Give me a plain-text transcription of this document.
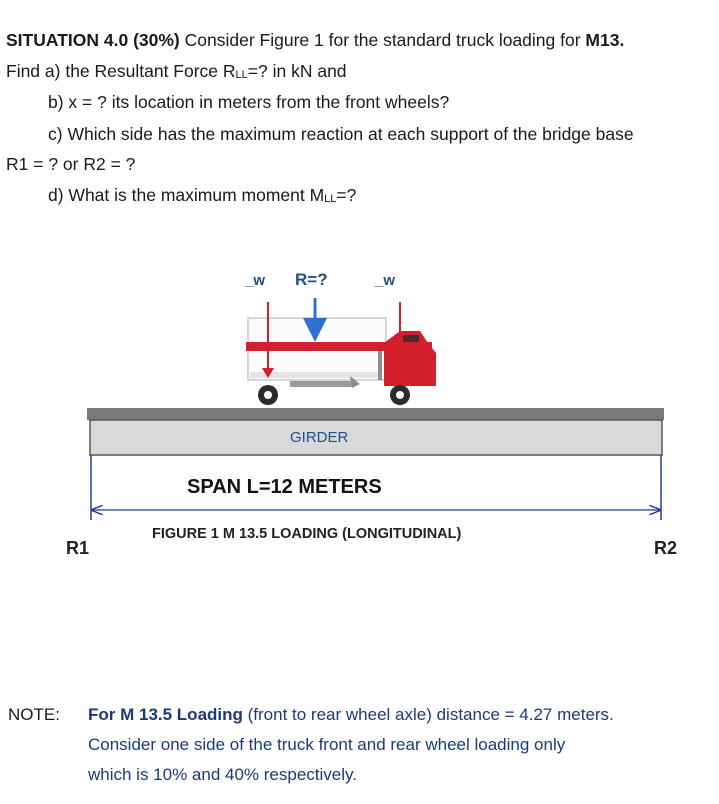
SITUATION 4.0 (30%) Consider Figure 1 for the standard truck loading for M13.
Find a) the Resultant Force RLL=? in kN and
b) x = ? its location in meters from the front wheels?
c) Which side has the maximum reaction at each support of the bridge base
R1 = ? or R2 = ?
d) What is the maximum moment MLL=?
_w R=?	_w
GIRDER
SPAN L=12 METERS
FIGURE 1 M 13.5 LOADING (LONGITUDINAL)
R1	R2
NOTE: For M 13.5 Loading (front to rear wheel axle) distance = 4.27 meters.
Consider one side of the truck front and rear wheel loading only
which is 10% and 40% respectively.
